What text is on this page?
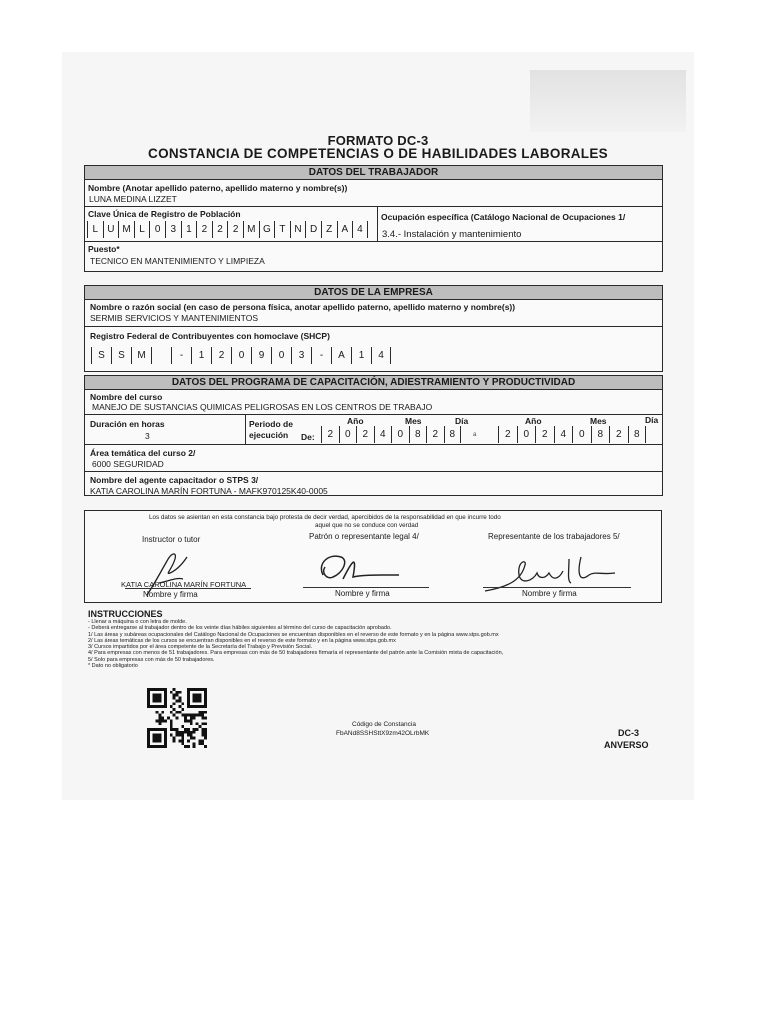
FORMATO DC-3
CONSTANCIA DE COMPETENCIAS O DE HABILIDADES LABORALES
DATOS DEL TRABAJADOR
Nombre (Anotar apellido paterno, apellido materno y nombre(s))
LUNA MEDINA LIZZET
Clave Única de Registro de Población
L U M L	0	3	1	2	2	2 M G T N D Z A 4
Ocupación específica (Catálogo Nacional de Ocupaciones 1/
3.4.- Instalación y mantenimiento
Puesto*
TECNICO EN MANTENIMIENTO Y LIMPIEZA
DATOS DE LA EMPRESA
Nombre o razón social (en caso de persona física, anotar apellido paterno, apellido materno y nombre(s))
SERMIB SERVICIOS Y MANTENIMIENTOS
Registro Federal de Contribuyentes con homoclave (SHCP)
S	S	M	-	1	2	0	9	0	3	-	A	1	4
DATOS DEL PROGRAMA DE CAPACITACIÓN, ADIESTRAMIENTO Y PRODUCTIVIDAD
Nombre del curso
MANEJO DE SUSTANCIAS QUIMICAS PELIGROSAS EN LOS CENTROS DE TRABAJO
Duración en horas
3
Periodo de
ejecución De:
Año	Mes	Día
2	0	2	4	0	8	2	8	a
Año	Mes	Día
2	0	2	4	0	8	2	8
Área temática del curso 2/
6000 SEGURIDAD
Nombre del agente capacitador o STPS 3/
KATIA CAROLINA MARÍN FORTUNA - MAFK970125K40-0005
Los datos se asientan en esta constancia bajo protesta de decir verdad, apercibidos de la responsabilidad en que incurre todo
aquel que no se conduce con verdad
Instructor o tutor	Patrón o representante legal 4/	Representante de los trabajadores 5/
KATIA CAROLINA MARÍN FORTUNA
Nombre y firma	Nombre y firma	Nombre y firma
INSTRUCCIONES
- Llenar a máquina o con letra de molde.
- Deberá entregarse al trabajador dentro de los veinte días hábiles siguientes al término del curso de capacitación aprobado.
1/ Las áreas y subáreas ocupacionales del Catálogo Nacional de Ocupaciones se encuentran disponibles en el reverso de este formato y en la página www.stps.gob.mx
2/ Las áreas temáticas de los cursos se encuentran disponibles en el reverso de este formato y en la página www.stps.gob.mx
3/ Cursos impartidos por el área competente de la Secretaría del Trabajo y Previsión Social.
4/ Para empresas con menos de 51 trabajadores. Para empresas con más de 50 trabajadores firmaría el representante del patrón ante la Comisión mixta de capacitación,
5/ Solo para empresas con más de 50 trabajadores.
* Dato no obligatorio
Código de Constancia
FbANd8SSHSttX9zm42OLrbMK	DC-3
ANVERSO
